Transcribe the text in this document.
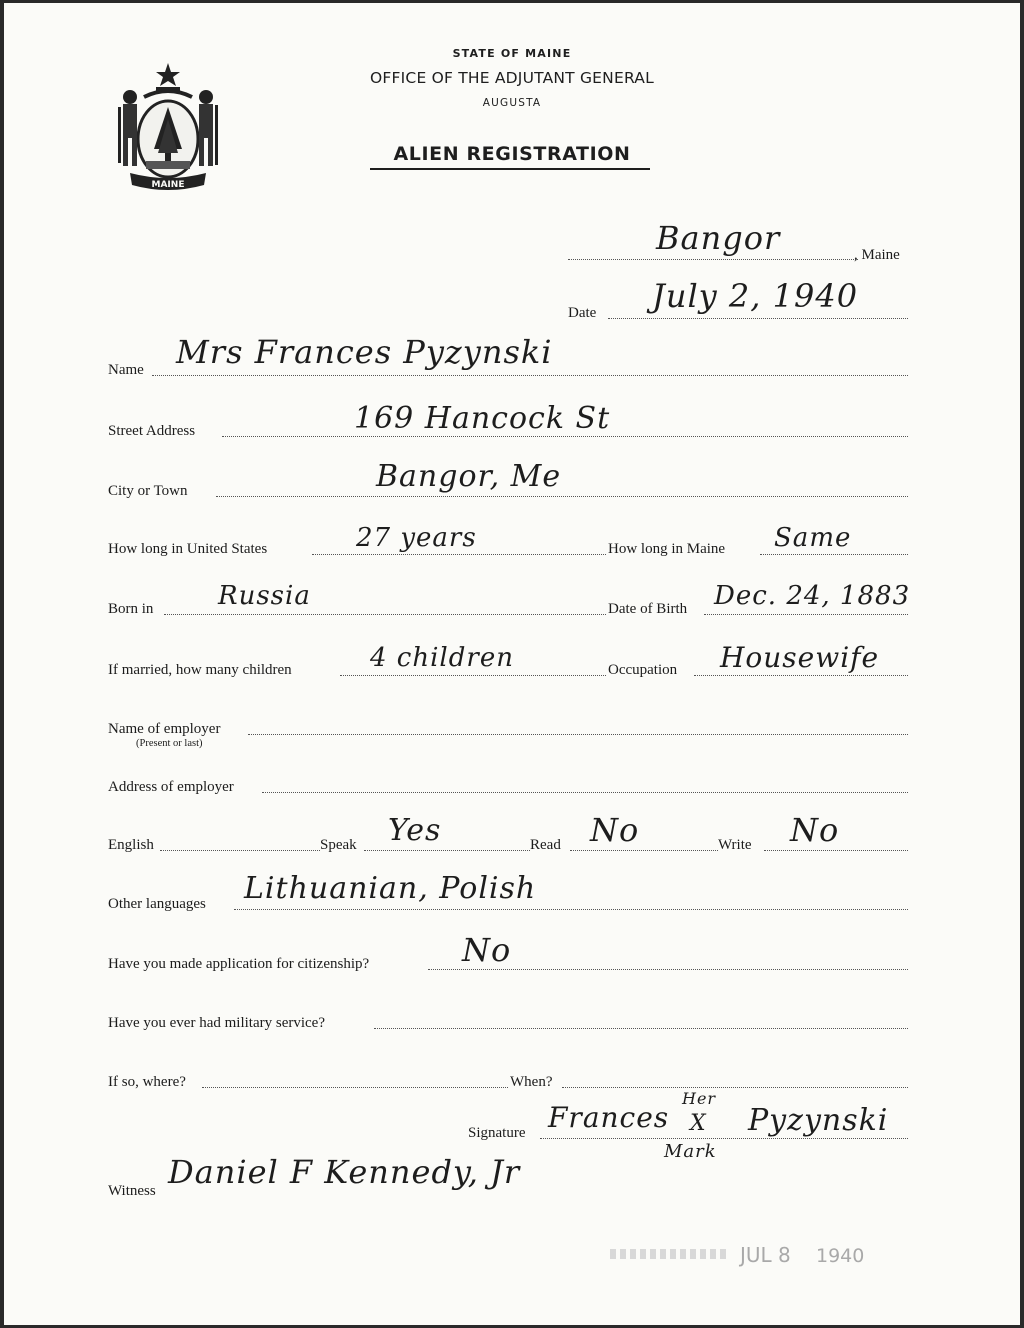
MAINE
STATE OF MAINE
OFFICE OF THE ADJUTANT GENERAL
AUGUSTA
ALIEN REGISTRATION
Bangor	, Maine
Date July 2, 1940
Name Mrs Frances Pyzynski
Street Address	169 Hancock St
City or Town	Bangor, Me
How long in United States	27 years	How long in Maine Same
Born in Russia	Date of Birth Dec. 24, 1883
If married, how many children	4 children	Occupation Housewife
Name of employer
(Present or last)
Address of employer
English	Speak Yes	Read No	Write No
Other languages Lithuanian, Polish
Have you made application for citizenship?	No
Have you ever had military service?
If so, where?	When?
Signature Frances
Her
X
Mark
Pyzynski
Witness Daniel F Kennedy, Jr
JUL 8 1940
